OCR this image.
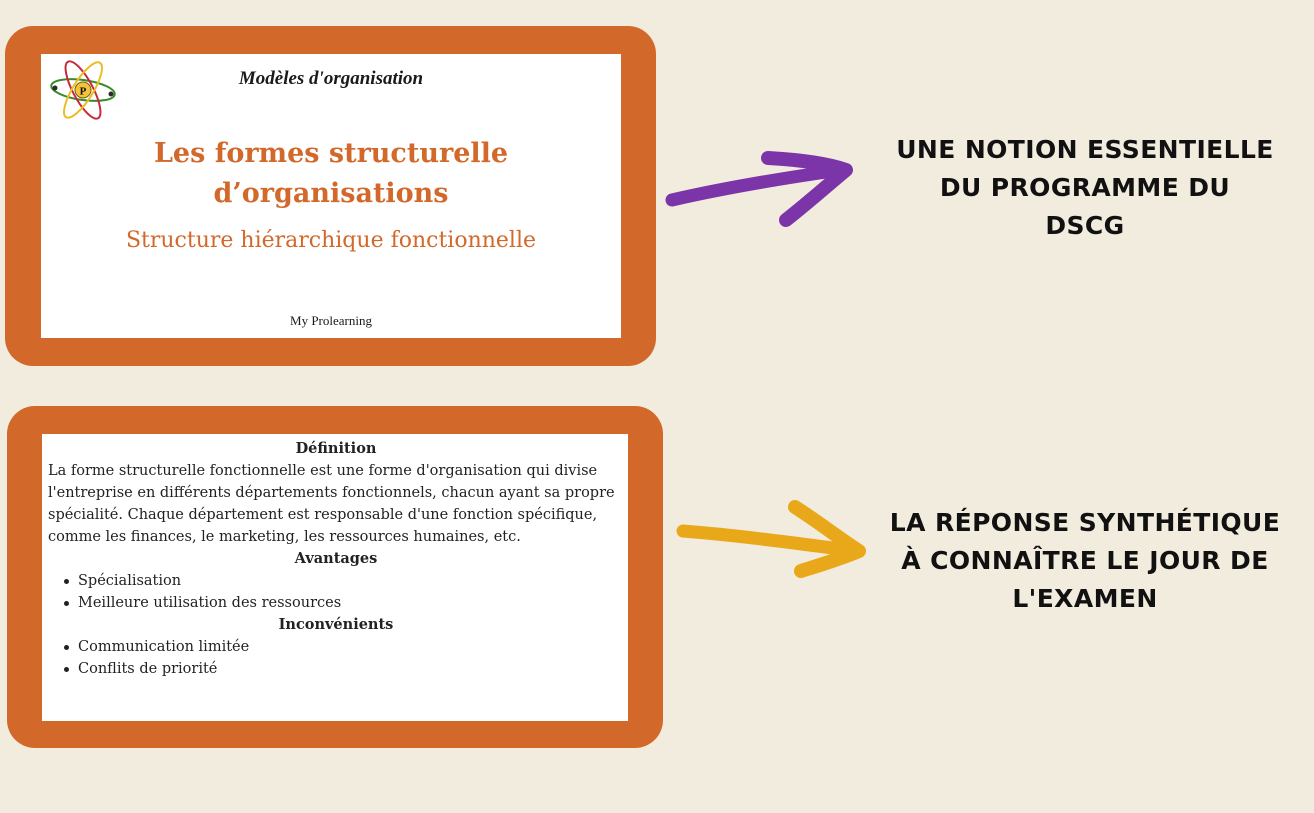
P
Modèles d'organisation
Les formes structurelle
d’organisations
Structure hiérarchique fonctionnelle
My Prolearning
Définition

La forme structurelle fonctionnelle est une forme d'organisation qui divise l'entreprise en différents départements fonctionnels, chacun ayant sa propre spécialité. Chaque département est responsable d'une fonction spécifique, comme les finances, le marketing, les ressources humaines, etc.

Avantages
Spécialisation
Meilleure utilisation des ressources
Inconvénients
Communication limitée
Conflits de priorité
UNE NOTION ESSENTIELLE
DU PROGRAMME DU
DSCG
LA RÉPONSE SYNTHÉTIQUE
À CONNAÎTRE LE JOUR DE
L'EXAMEN
